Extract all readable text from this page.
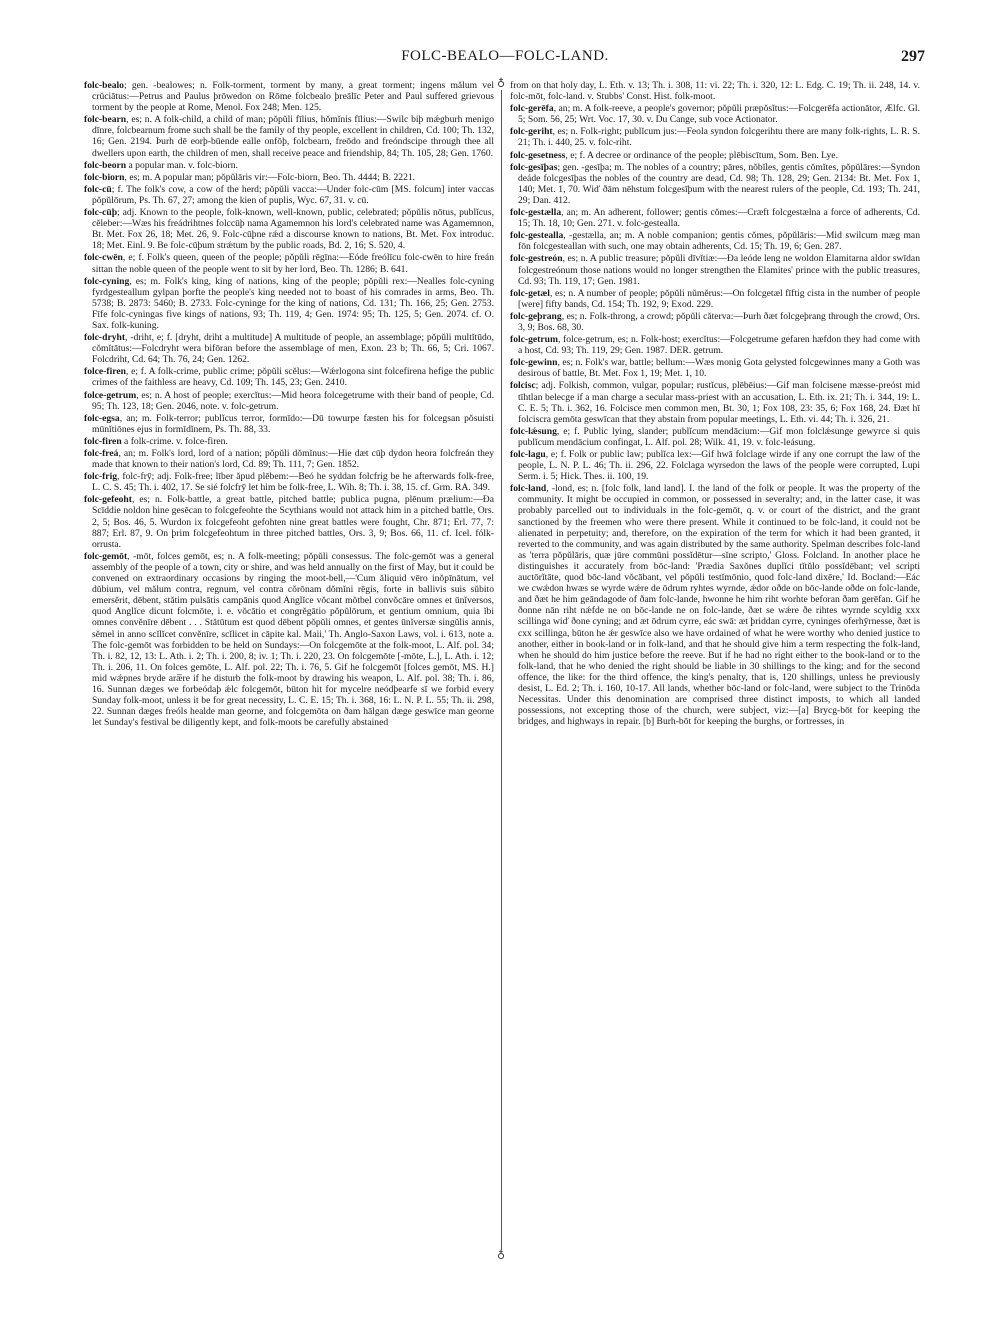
FOLC-BEALO—FOLC-LAND.	297

folc-bealo; gen. -bealowes; n. Folk-torment, torment by many, a great torment; ingens mălum vel crŭciātus:—Petrus and Paulus þrōwedon on Rōme folcbealo þreālīc Peter and Paul suffered grievous torment by the people at Rome, Menol. Fox 248; Men. 125.

folc-bearn, es; n. A folk-child, a child of man; pŏpŭli fīlius, hŏmĭnis fīlius:—Swilc biþ mǽgburh menigo dīnre, folcbearnum frome such shall be the family of thy people, excellent in children, Cd. 100; Th. 132, 16; Gen. 2194. Þurh dē eorþ-būende ealle onfōþ, folcbearn, freōdo and freóndscipe through thee all dwellers upon earth, the children of men, shall receive peace and friendship, 84; Th. 105, 28; Gen. 1760.

folc-beorn a popular man. v. folc-biorn.

folc-biorn, es; m. A popular man; pŏpŭlāris vir:—Folc-biorn, Beo. Th. 4444; B. 2221.

folc-cū; f. The folk's cow, a cow of the herd; pŏpŭli vacca:—Under folc-cūm [MS. folcum] inter vaccas pŏpŭlōrum, Ps. Th. 67, 27; among the kien of puplis, Wyc. 67, 31. v. cū.

folc-cūþ; adj. Known to the people, folk-known, well-known, public, celebrated; pŏpŭlis nōtus, publĭcus, cĕleber:—Wæs his freádrihtnes folccūþ nama Agamemnon his lord's celebrated name was Agamemnon, Bt. Met. Fox 26, 18; Met. 26, 9. Folc-cūþne rǽd a discourse known to nations, Bt. Met. Fox introduc. 18; Met. Einl. 9. Be folc-cūþum strǽtum by the public roads, Bd. 2, 16; S. 520, 4.

folc-cwēn, e; f. Folk's queen, queen of the people; pŏpŭli rēgīna:—Eóde freólīcu folc-cwēn to hire freán sittan the noble queen of the people went to sit by her lord, Beo. Th. 1286; B. 641.

folc-cyning, es; m. Folk's king, king of nations, king of the people; pŏpŭli rex:—Nealles folc-cyning fyrdgesteallum gylpan þorfte the people's king needed not to boast of his comrades in arms, Beo. Th. 5738; B. 2873: 5460; B. 2733. Folc-cyninge for the king of nations, Cd. 131; Th. 166, 25; Gen. 2753. Fīfe folc-cyningas five kings of nations, 93; Th. 119, 4; Gen. 1974: 95; Th. 125, 5; Gen. 2074. cf. O. Sax. folk-kuning.

folc-dryht, -driht, e; f. [dryht, driht a multitude] A multitude of people, an assemblage; pŏpŭli multĭtūdo, cŏmĭtātus:—Folcdryht wera bifōran before the assemblage of men, Exon. 23 b; Th. 66, 5; Cri. 1067. Folcdriht, Cd. 64; Th. 76, 24; Gen. 1262.

folce-firen, e; f. A folk-crime, public crime; pŏpŭli scĕlus:—Wǽrlogona sint folcefirena hefige the public crimes of the faithless are heavy, Cd. 109; Th. 145, 23; Gen. 2410.

folce-getrum, es; n. A host of people; exercĭtus:—Mid heora folcegetrume with their band of people, Cd. 95; Th. 123, 18; Gen. 2046, note. v. folc-getrum.

folc-egsa, an; m. Folk-terror; publĭcus terror, formīdo:—Dū towurpe fæsten his for folcegsan pŏsuisti mūnĭtiōnes ejus in formīdĭnem, Ps. Th. 88, 33.

folc-firen a folk-crime. v. folce-firen.

folc-freá, an; m. Folk's lord, lord of a nation; pŏpŭli dŏmĭnus:—Hie dæt cūþ dydon heora folcfreán they made that known to their nation's lord, Cd. 89; Th. 111, 7; Gen. 1852.

folc-frig, folc-frȳ; adj. Folk-free; līber ăpud plēbem:—Beó he syddan folcfrig be he afterwards folk-free, L. C. S. 45; Th. i. 402, 17. Se sié folcfrȳ let him be folk-free, L. Wih. 8; Th. i. 38, 15. cf. Grm. RA. 349.

folc-gefeoht, es; n. Folk-battle, a great battle, pitched battle; publica pugna, plēnum prælium:—Ða Scīddie noldon hine gesēcan to folcgefeohte the Scythians would not attack him in a pitched battle, Ors. 2, 5; Bos. 46, 5. Wurdon ix folcgefeoht gefohten nine great battles were fought, Chr. 871; Erl. 77, 7: 887; Erl. 87, 9. On þrim folcgefeohtum in three pitched battles, Ors. 3, 9; Bos. 66, 11. cf. Icel. fólk-orrusta.

folc-gemōt, -mōt, folces gemōt, es; n. A folk-meeting; pŏpŭli consessus. The folc-gemōt was a general assembly of the people of a town, city or shire, and was held annually on the first of May, but it could be convened on extraordinary occasions by ringing the moot-bell,—'Cum ăliquid vēro inŏpīnātum, vel dŭbium, vel mălum contra, regnum, vel contra cŏrōnam dŏmĭni rēgis, forte in ballivis suis sŭbito emersĕrit, dēbent, stătim pulsātis campānis quod Anglĭce vŏcant mŏtbel convŏcāre omnes et ūnĭversos, quod Anglĭce dicunt folcmōte, i. e. vŏcātio et congrĕgātio pŏpŭlōrum, et gentium omnium, quia ĭbi omnes convĕnīre dēbent . . . Stătūtum est quod dēbent pŏpŭli omnes, et gentes ūnĭversæ singŭlis annis, sĕmel in anno scĭlĭcet convĕnīre, scĭlicet in cāpite kal. Maii,' Th. Anglo-Saxon Laws, vol. i. 613, note a. The folc-gemōt was forbidden to be held on Sundays:—On folcgemōte at the folk-moot, L. Alf. pol. 34; Th. i. 82, 12, 13: L. Ath. i. 2; Th. i. 200, 8; iv. 1; Th. i. 220, 23. On folcgemōte [-mōte, L.], L. Ath. i. 12; Th. i. 206, 11. On folces gemōte, L. Alf. pol. 22; Th. i. 76, 5. Gif he folcgemōt [folces gemōt, MS. H.] mid wǽpnes bryde aræ̅re if he disturb the folk-moot by drawing his weapon, L. Alf. pol. 38; Th. i. 86, 16. Sunnan dæges we forbeódaþ ǽlc folcgemōt, būton hit for mycelre neódþearfe sī we forbid every Sunday folk-moot, unless it be for great necessity, L. C. E. 15; Th. i. 368, 16: L. N. P. L. 55; Th. ii. 298, 22. Sunnan dæges freóls healde man georne, and folcgemōta on ðam hālgan dæge geswīce man georne let Sunday's festival be diligently kept, and folk-moots be carefully abstained

♁
♁

from on that holy day, L. Eth. v. 13; Th. i. 308, 11: vi. 22; Th. i. 320, 12: L. Edg. C. 19; Th. ii. 248, 14. v. folc-mōt, folc-land. v. Stubbs' Const. Hist. folk-moot.

folc-gerēfa, an; m. A folk-reeve, a people's governor; pŏpŭli præpŏsĭtus:—Folcgerēfa actionātor, Ælfc. Gl. 5; Som. 56, 25; Wrt. Voc. 17, 30. v. Du Cange, sub voce Actionator.

folc-geriht, es; n. Folk-right; publĭcum jus:—Feola syndon folcgerihtu there are many folk-rights, L. R. S. 21; Th. i. 440, 25. v. folc-riht.

folc-gesetness, e; f. A decree or ordinance of the people; plēbiscītum, Som. Ben. Lye.

folc-gesīþas; gen. -gesīþa; m. The nobles of a country; pāres, nŏbĭles, gentis cŏmĭtes, pŏpŭlāres:—Syndon deáde folcgesīþas the nobles of the country are dead, Cd. 98; Th. 128, 29; Gen. 2134: Bt. Met. Fox 1, 140; Met. 1, 70. Wiď ðām nēhstum folcgesīþum with the nearest rulers of the people, Cd. 193; Th. 241, 29; Dan. 412.

folc-gestælla, an; m. An adherent, follower; gentis cŏmes:—Cræft folcgestælna a force of adherents, Cd. 15; Th. 18, 10; Gen. 271. v. folc-gestealla.

folc-gestealla, -gestælla, an; m. A noble companion; gentis cŏmes, pŏpŭlāris:—Mid swilcum mæg man fōn folcgesteallan with such, one may obtain adherents, Cd. 15; Th. 19, 6; Gen. 287.

folc-gestreón, es; n. A public treasure; pŏpŭli dīvĭtiæ:—Ða leóde leng ne woldon Elamitarna aldor swīdan folcgestreónum those nations would no longer strengthen the Elamites' prince with the public treasures, Cd. 93; Th. 119, 17; Gen. 1981.

folc-getæl, es; n. A number of people; pŏpŭli nŭmĕrus:—On folcgetæl fīftig cista in the number of people [were] fifty bands, Cd. 154; Th. 192, 9; Exod. 229.

folc-geþrang, es; n. Folk-throng, a crowd; pŏpŭli căterva:—Þurh ðæt folcgeþrang through the crowd, Ors. 3, 9; Bos. 68, 30.

folc-getrum, folce-getrum, es; n. Folk-host; exercĭtus:—Folcgetrume gefaren hæfdon they had come with a host, Cd. 93; Th. 119, 29; Gen. 1987. DER. getrum.

folc-gewinn, es; n. Folk's war, battle; bellum:—Wæs monig Gota gelysted folcgewinnes many a Goth was desirous of battle, Bt. Met. Fox 1, 19; Met. 1, 10.

folcisc; adj. Folkish, common, vulgar, popular; rustĭcus, plēbēius:—Gif man folcisene mæsse-preóst mid tīhtlan belecge if a man charge a secular mass-priest with an accusation, L. Eth. ix. 21; Th. i. 344, 19: L. C. E. 5; Th. i. 362, 16. Folcisce men common men, Bt. 30, 1; Fox 108, 23: 35, 6; Fox 168, 24. Ðæt hī folciscra gemōta geswīcan that they abstain from popular meetings, L. Eth. vi. 44; Th. i. 326, 21.

folc-lǽsung, e; f. Public lying, slander; publĭcum mendācium:—Gif mon folclǽsunge gewyrce si quis publĭcum mendācium confingat, L. Alf. pol. 28; Wilk. 41, 19. v. folc-leásung.

folc-lagu, e; f. Folk or public law; publĭca lex:—Gif hwā folclage wirde if any one corrupt the law of the people, L. N. P. L. 46; Th. ii. 296, 22. Folclaga wyrsedon the laws of the people were corrupted, Lupi Serm. i. 5; Hick. Thes. ii. 100, 19.

folc-land, -lond, es; n. [folc folk, land land]. I. the land of the folk or people. It was the property of the community. It might be occupied in common, or possessed in severalty; and, in the latter case, it was probably parcelled out to individuals in the folc-gemōt, q. v. or court of the district, and the grant sanctioned by the freemen who were there present. While it continued to be folc-land, it could not be alienated in perpetuity; and, therefore, on the expiration of the term for which it had been granted, it reverted to the community, and was again distributed by the same authority. Spelman describes folc-land as 'terra pŏpŭlāris, quæ jūre commūni possĭdētur—sĭne scripto,' Gloss. Folcland. In another place he distinguishes it accurately from bōc-land: 'Prædia Saxŏnes duplĭci tĭtŭlo possĭdēbant; vel scripti auctōrĭtāte, quod bōc-land vŏcābant, vel pŏpŭli testĭmōnio, quod folc-land dixēre,' Id. Bocland:—Eác we cwǽdon hwæs se wyrde wǽre de ōdrum ryhtes wyrnde, ǽdor oðde on bōc-lande oðde on folc-lande, and ðæt he him geāndagode of ðam folc-lande, hwonne he him riht worhte beforan ðam gerēfan. Gif he ðonne nān riht nǽfde ne on bōc-lande ne on folc-lande, ðæt se wǽre ðe rihtes wyrnde scyldig xxx scillinga wiď ðone cyning; and æt ōdrum cyrre, eác swā: æt þriddan cyrre, cyninges oferhȳrnesse, ðæt is cxx scillinga, būton he ǽr geswīce also we have ordained of what he were worthy who denied justice to another, either in book-land or in folk-land, and that he should give him a term respecting the folk-land, when he should do him justice before the reeve. But if he had no right either to the book-land or to the folk-land, that he who denied the right should be liable in 30 shillings to the king; and for the second offence, the like: for the third offence, the king's penalty, that is, 120 shillings, unless he previously desist, L. Ed. 2; Th. i. 160, 10-17. All lands, whether bōc-land or folc-land, were subject to the Trinōda Necessitas. Under this denomination are comprised three distinct imposts, to which all landed possessions, not excepting those of the church, were subject, viz:—[a] Brycg-bōt for keeping the bridges, and highways in repair. [b] Burh-bōt for keeping the burghs, or fortresses, in
